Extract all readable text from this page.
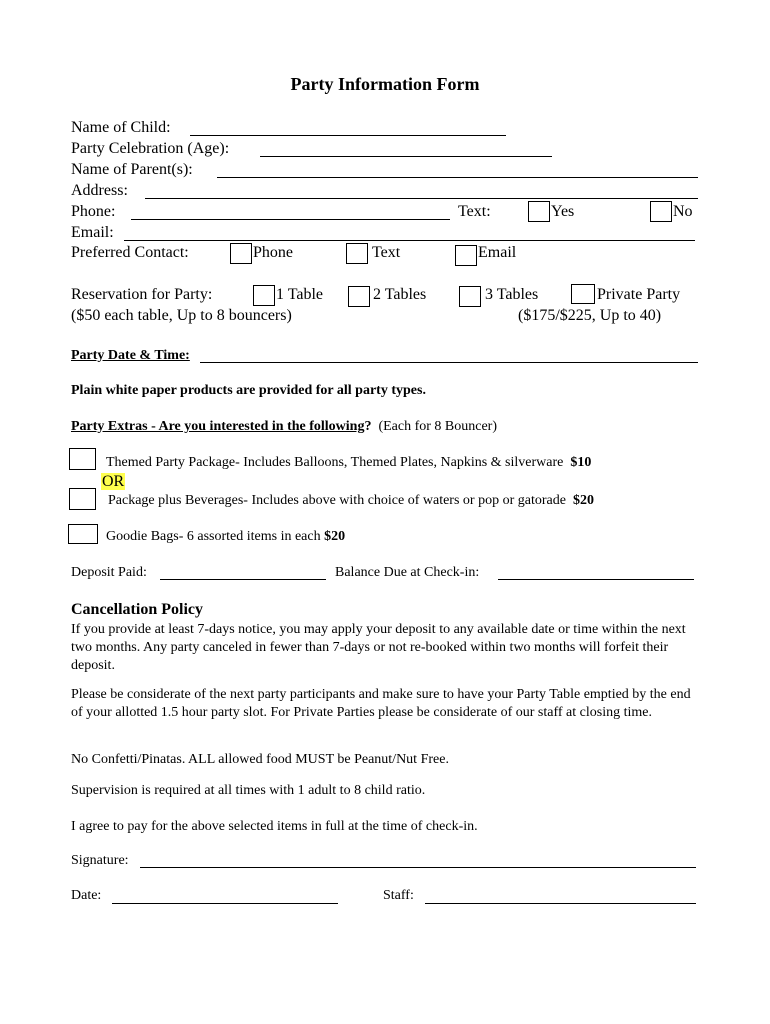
Party Information Form
Name of Child:
Party Celebration (Age):
Name of Parent(s):
Address:
Phone:	Text:	Yes	No
Email:
Preferred Contact:	Phone	Text	Email
Reservation for Party:	1 Table	2 Tables	3 Tables	Private Party
($50 each table, Up to 8 bouncers)	($175/$225, Up to 40)
Party Date & Time:
Plain white paper products are provided for all party types.
Party Extras - Are you interested in the following? (Each for 8 Bouncer)
Themed Party Package- Includes Balloons, Themed Plates, Napkins & silverware $10
OR
Package plus Beverages- Includes above with choice of waters or pop or gatorade $20
Goodie Bags- 6 assorted items in each $20
Deposit Paid:	Balance Due at Check-in:
Cancellation Policy
If you provide at least 7-days notice, you may apply your deposit to any available date or time within the next two months. Any party canceled in fewer than 7-days or not re-booked within two months will forfeit their deposit.
Please be considerate of the next party participants and make sure to have your Party Table emptied by the end of your allotted 1.5 hour party slot. For Private Parties please be considerate of our staff at closing time.
No Confetti/Pinatas. ALL allowed food MUST be Peanut/Nut Free.
Supervision is required at all times with 1 adult to 8 child ratio.
I agree to pay for the above selected items in full at the time of check-in.
Signature:
Date:	Staff:
